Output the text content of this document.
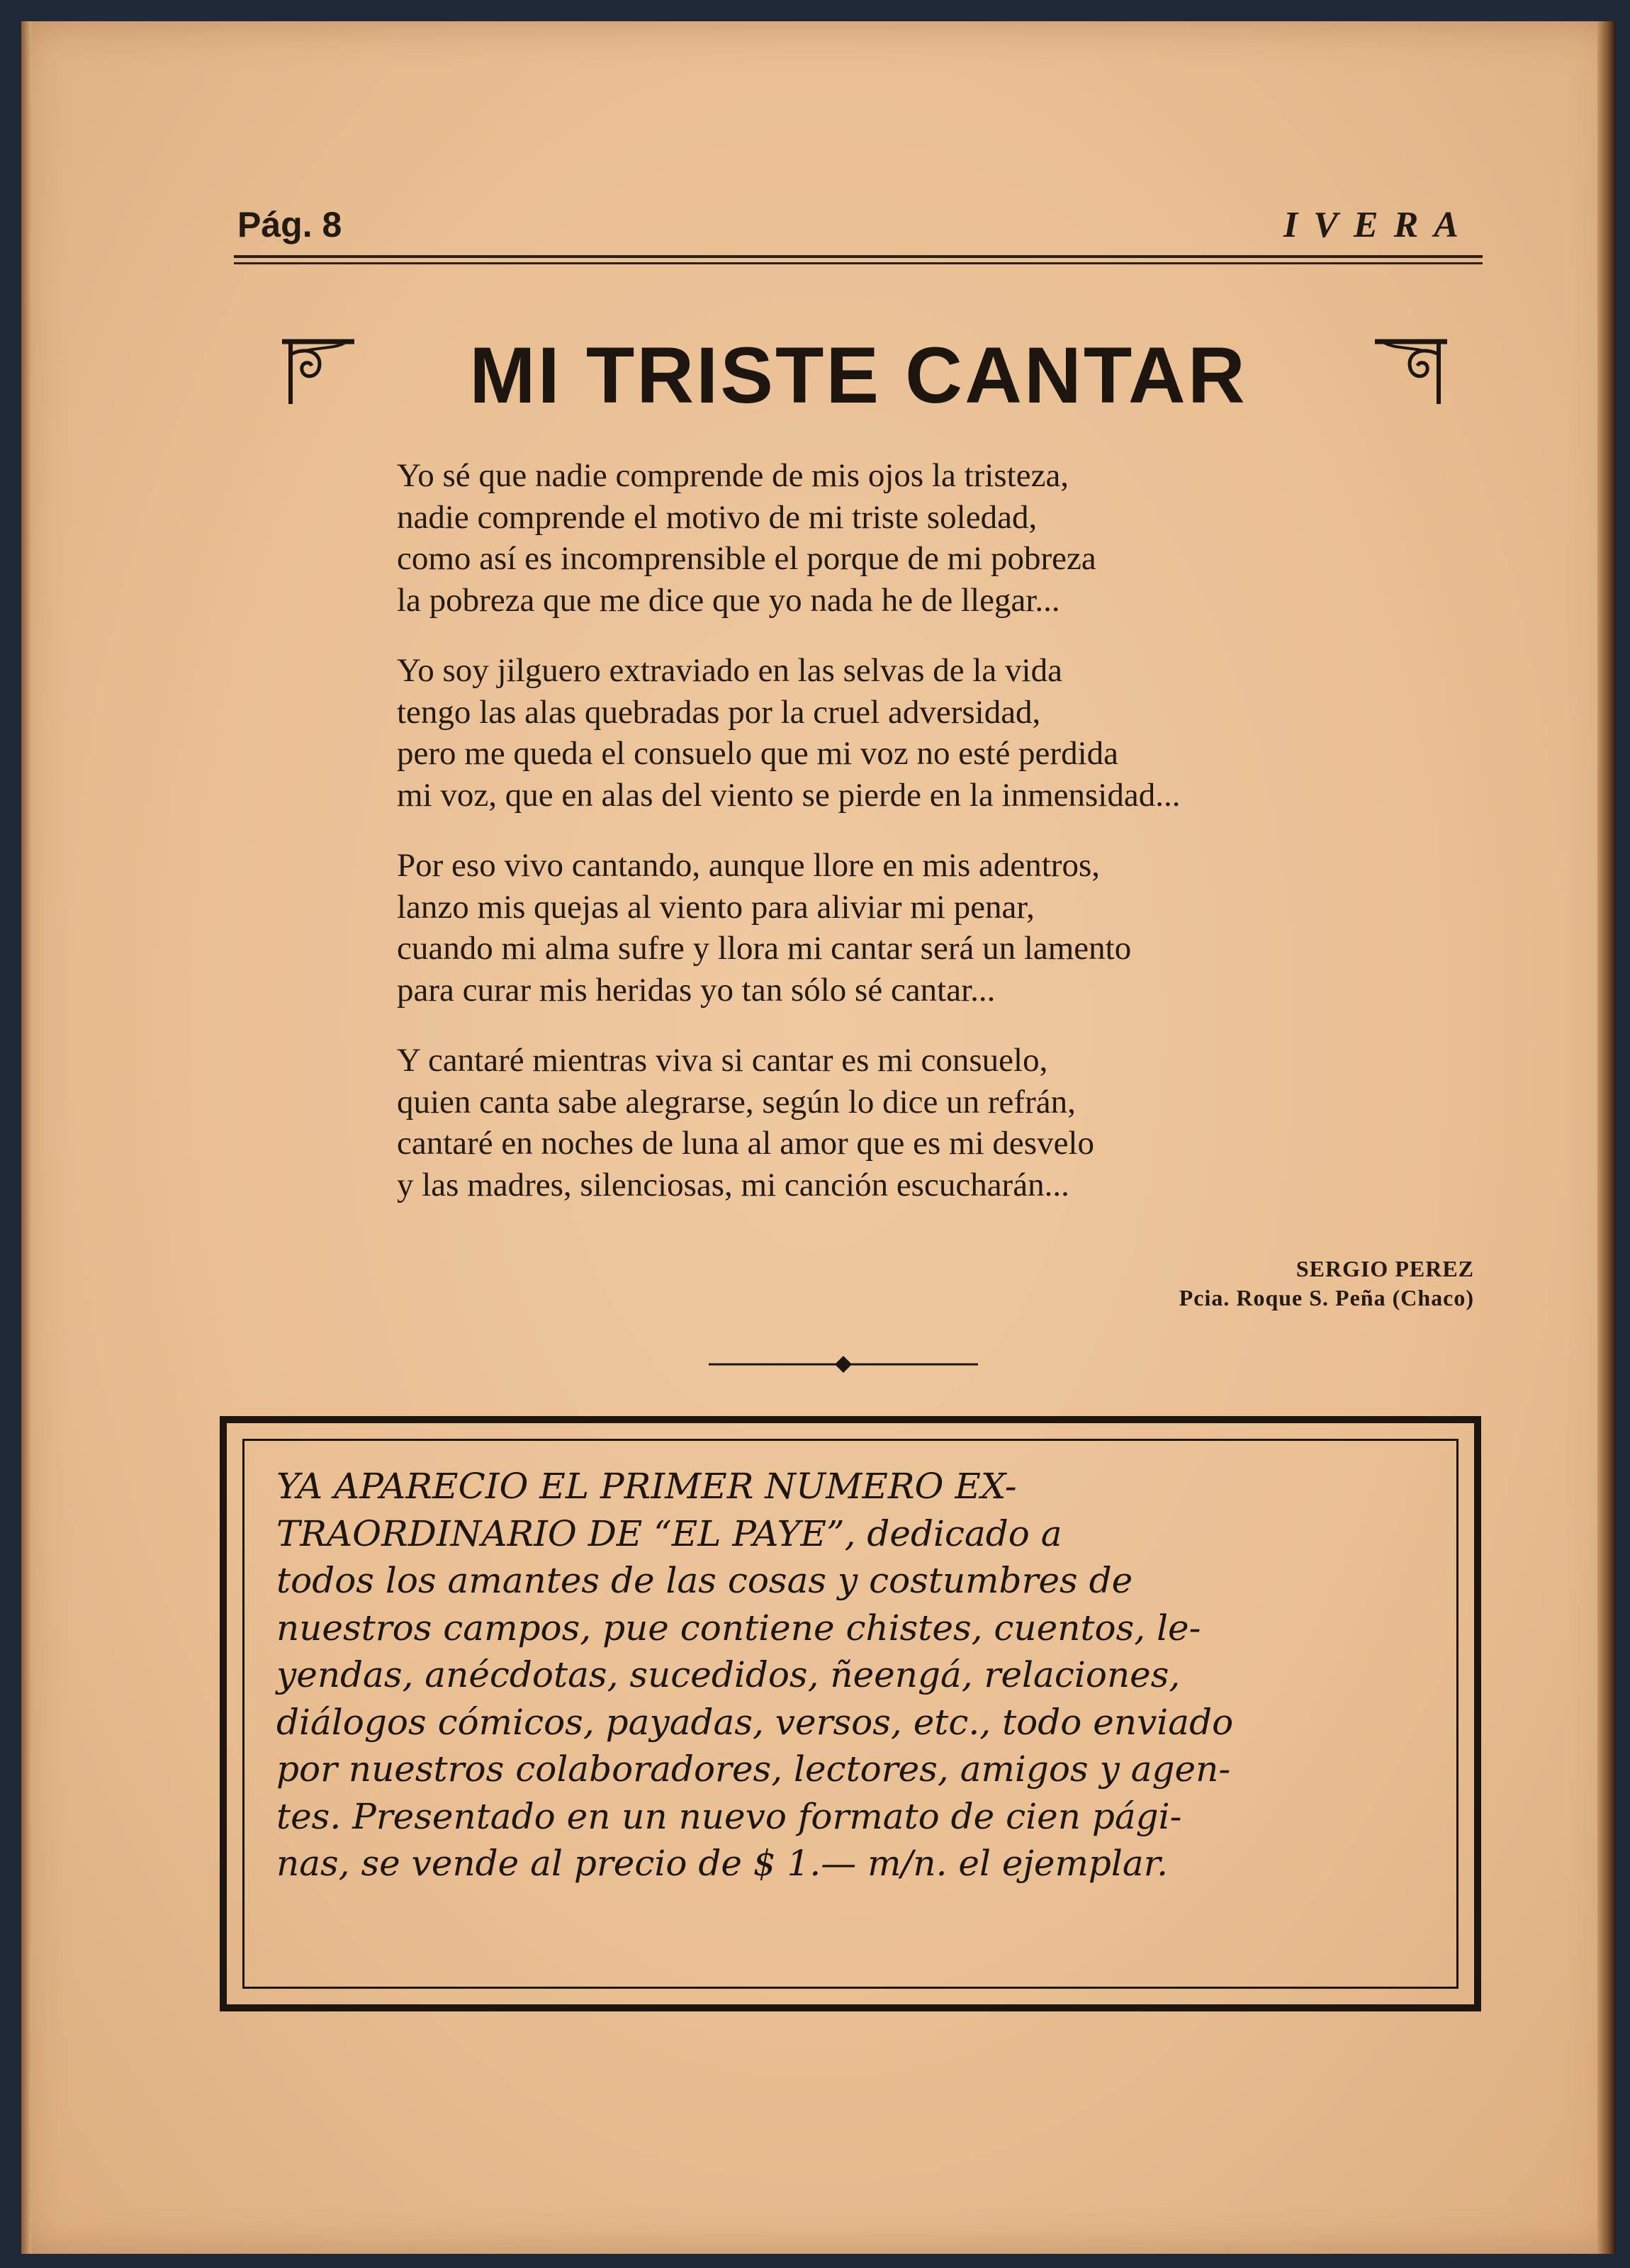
Pág. 8	IVERA
MI TRISTE CANTAR
Yo sé que nadie comprende de mis ojos la tristeza,
nadie comprende el motivo de mi triste soledad,
como así es incomprensible el porque de mi pobreza
la pobreza que me dice que yo nada he de llegar...
Yo soy jilguero extraviado en las selvas de la vida
tengo las alas quebradas por la cruel adversidad,
pero me queda el consuelo que mi voz no esté perdida
mi voz, que en alas del viento se pierde en la inmensidad...
Por eso vivo cantando, aunque llore en mis adentros,
lanzo mis quejas al viento para aliviar mi penar,
cuando mi alma sufre y llora mi cantar será un lamento
para curar mis heridas yo tan sólo sé cantar...
Y cantaré mientras viva si cantar es mi consuelo,
quien canta sabe alegrarse, según lo dice un refrán,
cantaré en noches de luna al amor que es mi desvelo
y las madres, silenciosas, mi canción escucharán...
SERGIO PEREZ
Pcia. Roque S. Peña (Chaco)
YA APARECIO EL PRIMER NUMERO EX-
TRAORDINARIO DE “EL PAYE”, dedicado a
todos los amantes de las cosas y costumbres de
nuestros campos, pue contiene chistes, cuentos, le-
yendas, anécdotas, sucedidos, ñeengá, relaciones,
diálogos cómicos, payadas, versos, etc., todo enviado
por nuestros colaboradores, lectores, amigos y agen-
tes. Presentado en un nuevo formato de cien pági-
nas, se vende al precio de $ 1.— m/n. el ejemplar.
